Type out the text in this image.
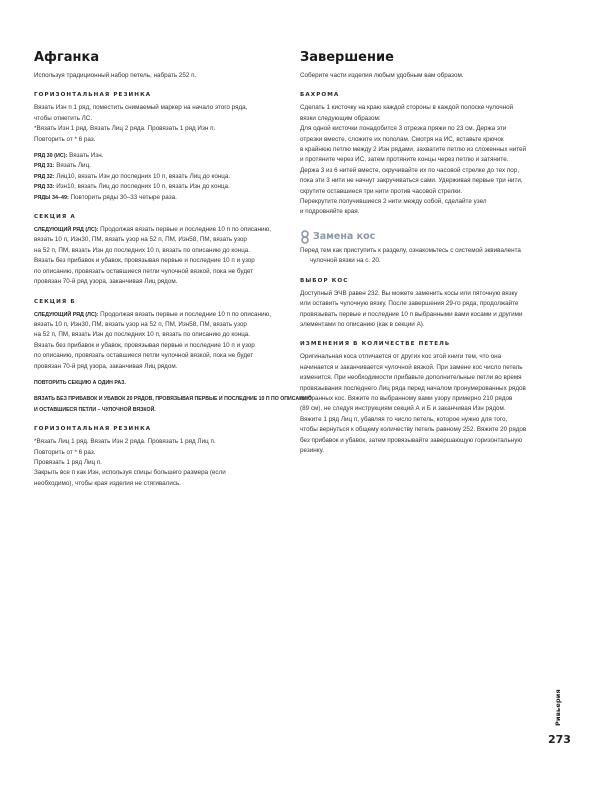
Афганка

Используя традиционный набор петель, набрать 252 п.

ГОРИЗОНТАЛЬНАЯ РЕЗИНКА

Вязать Изн п 1 ряд, поместить снимаемый маркер на начало этого ряда,

чтобы отметить ЛС.

*Вязать Изн 1 ряд. Вязать Лиц 2 ряда. Провязать 1 ряд Изн п.

Повторить от * 6 раз.

РЯД 30 (ИС): Вязать Изн.

РЯД 31: Вязать Лиц.

РЯД 32: Лиц10, вязать Изн до последних 10 п, вязать Лиц до конца.

РЯД 33: Изн10, вязать Лиц до последних 10 п, вязать Изн до конца.

РЯДЫ 34–49: Повторить ряды 30–33 четыре раза.

СЕКЦИЯ А

СЛЕДУЮЩИЙ РЯД (ЛС): Продолжая вязать первые и последние 10 п по описанию,

вязать 10 п, Изн30, ПМ, вязать узор на 52 п, ПМ, Изн58, ПМ, вязать узор

на 52 п, ПМ, вязать Изн до последних 10 п, вязать по описанию до конца.

Вязать без прибавок и убавок, провязывая первые и последние 10 п и узор

по описанию, провязать оставшиеся петли чулочной вязкой, пока не будет

провязан 70-й ряд узора, заканчивая Лиц рядом.

СЕКЦИЯ Б

СЛЕДУЮЩИЙ РЯД (ЛС): Продолжая вязать первые и последние 10 п по описанию,

вязать 10 п, Изн30, ПМ, вязать узор на 52 п, ПМ, Изн58, ПМ, вязать узор

на 52 п, ПМ, вязать Изн до последних 10 п, вязать по описанию до конца.

Вязать без прибавок и убавок, провязывая первые и последние 10 п и узор

по описанию, провязать оставшиеся петли чулочной вязкой, пока не будет

провязан 70-й ряд узора, заканчивая Лиц рядом.

ПОВТОРИТЬ СЕКЦИЮ А ОДИН РАЗ.

ВЯЗАТЬ БЕЗ ПРИБАВОК И УБАВОК 20 РЯДОВ, ПРОВЯЗЫВАЯ ПЕРВЫЕ И ПОСЛЕДНИЕ 10 П ПО ОПИСАНИЮ

И ОСТАВШИЕСЯ ПЕТЛИ – ЧУЛОЧНОЙ ВЯЗКОЙ.

ГОРИЗОНТАЛЬНАЯ РЕЗИНКА

*Вязать Лиц 1 ряд. Вязать Изн 2 ряда. Провязать 1 ряд Лиц п.

Повторить от * 6 раз.

Провязать 1 ряд Лиц п.

Закрыть все п как Изн, используя спицы большего размера (если

необходимо), чтобы края изделия не стягивались.

Завершение

Соберите части изделия любым удобным вам образом.

БАХРОМА

Сделать 1 кисточку на краю каждой стороны в каждой полоске чулочной

вязки следующим образом:

Для одной кисточки понадобится 3 отрезка пряжи по 23 см. Держа эти

отрезки вместе, сложите их пополам. Смотря на ИС, вставьте крючок

в крайнюю петлю между 2 Изн рядами, захватите петлю из сложенных нитей

и протяните через ИС, затем протяните концы через петлю и затяните.

Держа 3 из 6 нитей вместе, скручивайте их по часовой стрелке до тех пор,

пока эти 3 нити не начнут закручиваться сами. Удерживая первые три нити,

скрутите оставшиеся три нити против часовой стрелки.

Перекрутите получившиеся 2 нити между собой, сделайте узел

и подровняйте края.

Замена кос

Перед тем как приступить к разделу, ознакомьтесь с системой эквивалента

чулочной вязки на с. 20.

ВЫБОР КОС

Доступный ЭЧВ равен 232. Вы можете заменить косы или пяточную вязку

или оставить чулочную вязку. После завершения 29-го ряда, продолжайте

провязывать первые и последние 10 п выбранными вами косами и другими

элементами по описанию (как в секции А).

ИЗМЕНЕНИЯ В КОЛИЧЕСТВЕ ПЕТЕЛЬ

Оригинальная коса отличается от других кос этой книги тем, что она

начинается и заканчивается чулочной вязкой. При замене кос число петель

изменится. При необходимости прибавьте дополнительные петли во время

провязывания последнего Лиц ряда перед началом пронумерованных рядов

выбранных кос. Вяжите по выбранному вами узору примерно 210 рядов

(89 см), не следуя инструкциям секций А и Б и заканчивая Изн рядом.

Вяжите 1 ряд Лиц п, убавляя то число петель, которое нужно для того,

чтобы вернуться к общему количеству петель равному 252. Вяжите 20 рядов

без прибавок и убавок, затем провязывайте завершающую горизонтальную

резинку.

Ривьерия
273
